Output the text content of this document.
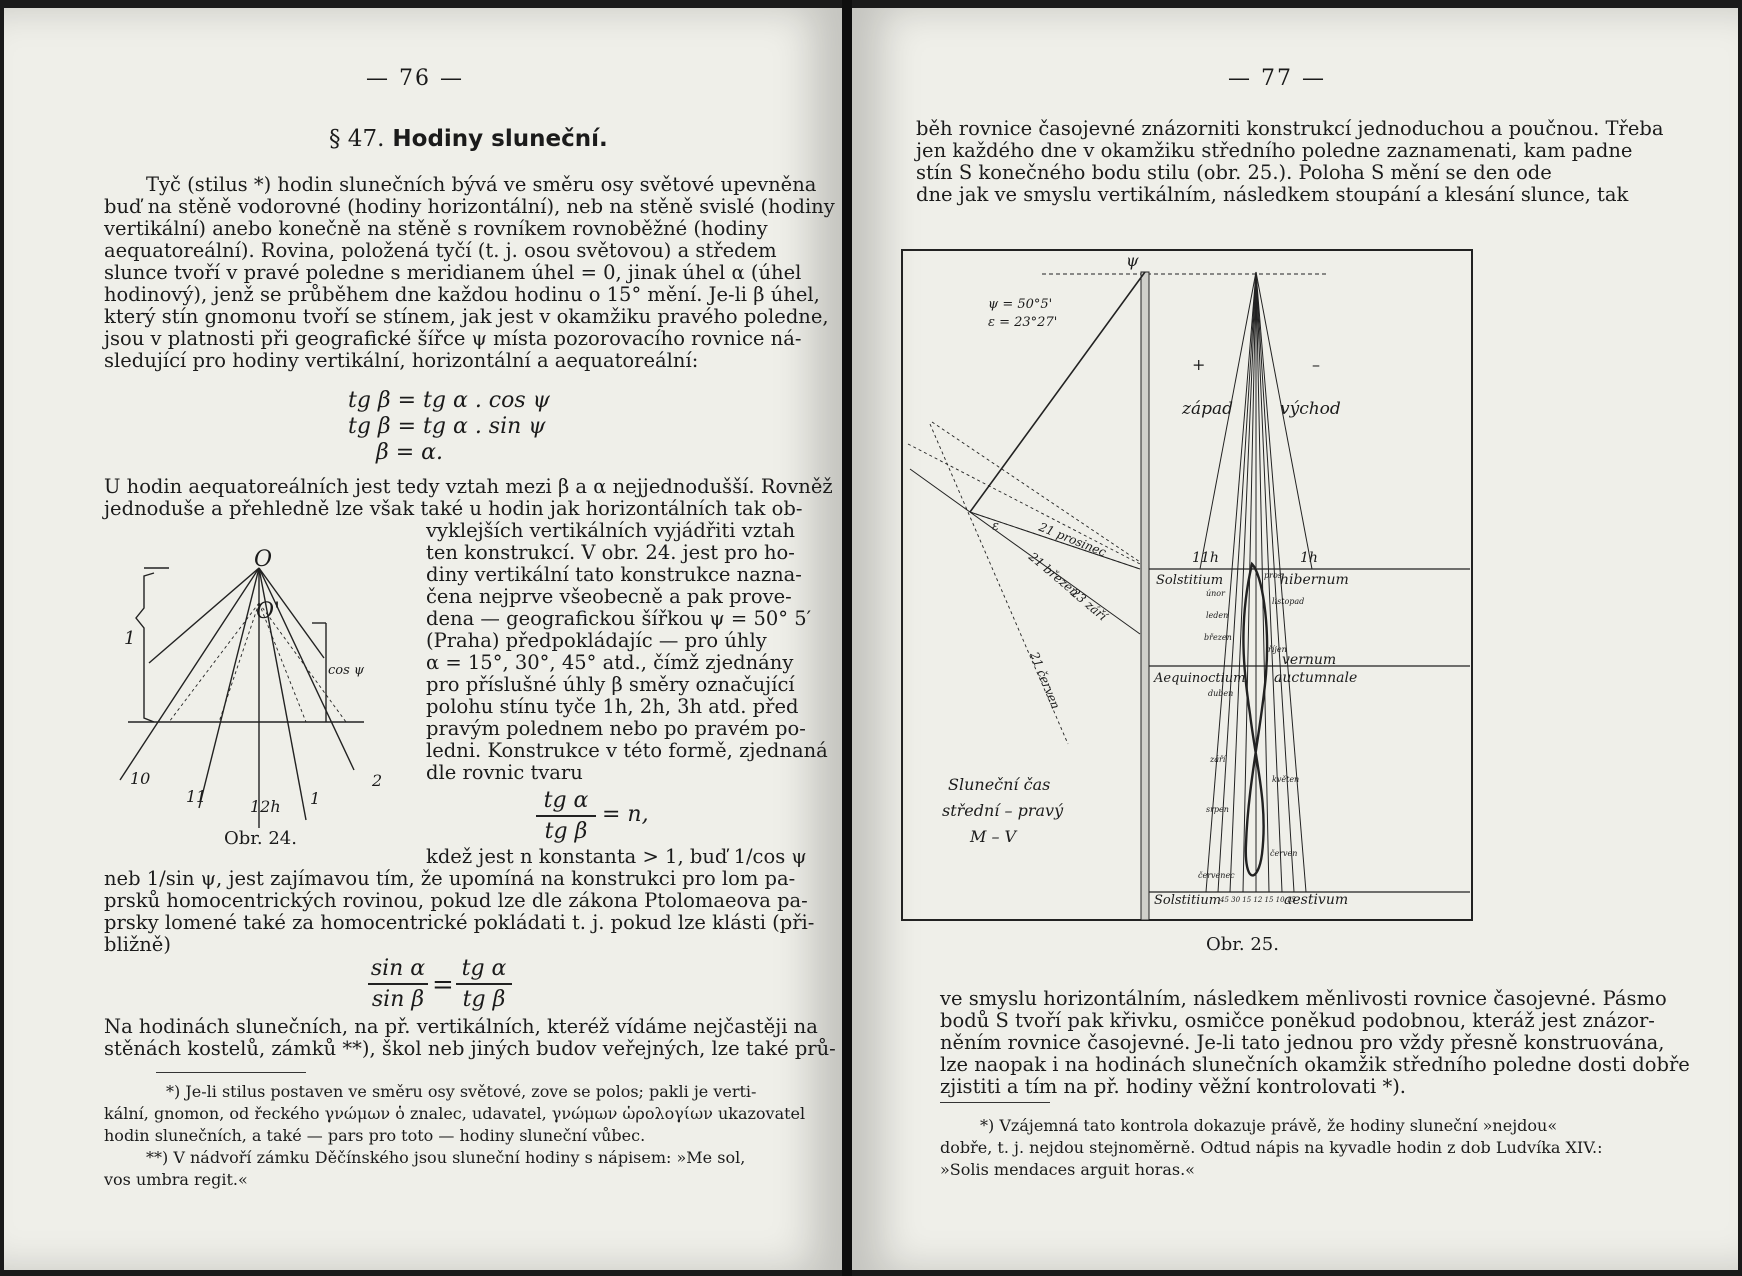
— 76 —
§ 47. Hodiny sluneční.
Tyč (stilus *) hodin slunečních bývá ve směru osy světové upevněna
buď na stěně vodorovné (hodiny horizontální), neb na stěně svislé (hodiny
vertikální) anebo konečně na stěně s rovníkem rovnoběžné (hodiny
aequatoreální). Rovina, položená tyčí (t. j. osou světovou) a středem
slunce tvoří v pravé poledne s meridianem úhel = 0, jinak úhel α (úhel
hodinový), jenž se průběhem dne každou hodinu o 15° mění. Je-li β úhel,
který stín gnomonu tvoří se stínem, jak jest v okamžiku pravého poledne,
jsou v platnosti při geografické šířce ψ místa pozorovacího rovnice ná-
sledující pro hodiny vertikální, horizontální a aequatoreální:
tg β = tg α . cos ψ
tg β = tg α . sin ψ
β = α.
U hodin aequatoreálních jest tedy vztah mezi β a α nejjednodušší. Rovněž
jednoduše a přehledně lze však také u hodin jak horizontálních tak ob-
vyklejších vertikálních vyjádřiti vztah
ten konstrukcí. V obr. 24. jest pro ho-
diny vertikální tato konstrukce nazna-
čena nejprve všeobecně a pak prove-
dena — geografickou šířkou ψ = 50° 5′
(Praha) předpokládajíc — pro úhly
α = 15°, 30°, 45° atd., čímž zjednány
pro příslušné úhly β směry označující
polohu stínu tyče 1h, 2h, 3h atd. před
pravým polednem nebo po pravém po-
ledni. Konstrukce v této formě, zjednaná
dle rovnic tvaru
tg α
tg β
= n,
kdež jest n konstanta > 1, buď 1/cos ψ
neb 1/sin ψ, jest zajímavou tím, že upomíná na konstrukci pro lom pa-
prsků homocentrických rovinou, pokud lze dle zákona Ptolomaeova pa-
prsky lomené také za homocentrické pokládati t. j. pokud lze klásti (při-
bližně)
sin α
sin β =
tg α
tg β
Na hodinách slunečních, na př. vertikálních, kteréž vídáme nejčastěji na
stěnách kostelů, zámků **), škol neb jiných budov veřejných, lze také prů-
*) Je-li stilus postaven ve směru osy světové, zove se polos; pakli je verti-
kální, gnomon, od řeckého γνώμων ὁ znalec, udavatel, γνώμων ὡρολογίων ukazovatel
hodin slunečních, a také — pars pro toto — hodiny sluneční vůbec.
**) V nádvoří zámku Děčínského jsou sluneční hodiny s nápisem: »Me sol,
vos umbra regit.«
O
O'
1
cos ψ
10
11
12h 1
2
Obr. 24.
— 77 —
běh rovnice časojevné znázorniti konstrukcí jednoduchou a poučnou. Třeba
jen každého dne v okamžiku středního poledne zaznamenati, kam padne
stín S konečného bodu stilu (obr. 25.). Poloha S mění se den ode
dne jak ve smyslu vertikálním, následkem stoupání a klesání slunce, tak
ψ
ψ = 50°5'
ε = 23°27'
+	–
západ	východ
21 prosinec
21 březen
23 září
21 červen
ε
11h	1h
Solstitium	hibernum
únor
pros
listopad
leden
březen
říjen
vernum
Aequinoctium auctumnale
duben
září
květen
srpen
červen
červenec
Solstitium	aestivum
45 30 15 12 15 10 15
Sluneční čas
střední – pravý
M – V
Obr. 25.
ve smyslu horizontálním, následkem měnlivosti rovnice časojevné. Pásmo
bodů S tvoří pak křivku, osmičce poněkud podobnou, kteráž jest znázor-
něním rovnice časojevné. Je-li tato jednou pro vždy přesně konstruována,
lze naopak i na hodinách slunečních okamžik středního poledne dosti dobře
zjistiti a tím na př. hodiny věžní kontrolovati *).
*) Vzájemná tato kontrola dokazuje právě, že hodiny sluneční »nejdou«
dobře, t. j. nejdou stejnoměrně. Odtud nápis na kyvadle hodin z dob Ludvíka XIV.:
»Solis mendaces arguit horas.«
